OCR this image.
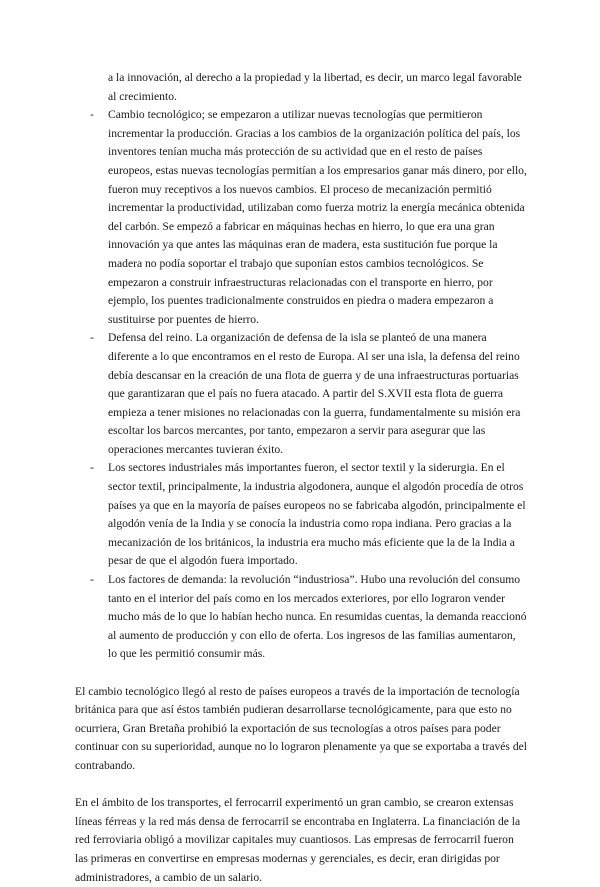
a la innovación, al derecho a la propiedad y la libertad, es decir, un marco legal favorable al crecimiento.

- Cambio tecnológico; se empezaron a utilizar nuevas tecnologías que permitieron incrementar la producción. Gracias a los cambios de la organización política del país, los inventores tenían mucha más protección de su actividad que en el resto de países europeos, estas nuevas tecnologías permitían a los empresarios ganar más dinero, por ello, fueron muy receptivos a los nuevos cambios. El proceso de mecanización permitió incrementar la productividad, utilizaban como fuerza motriz la energía mecánica obtenida del carbón. Se empezó a fabricar en máquinas hechas en hierro, lo que era una gran innovación ya que antes las máquinas eran de madera, esta sustitución fue porque la madera no podía soportar el trabajo que suponían estos cambios tecnológicos. Se empezaron a construir infraestructuras relacionadas con el transporte en hierro, por ejemplo, los puentes tradicionalmente construidos en piedra o madera empezaron a sustituirse por puentes de hierro.
- Defensa del reino. La organización de defensa de la isla se planteó de una manera diferente a lo que encontramos en el resto de Europa. Al ser una isla, la defensa del reino debía descansar en la creación de una flota de guerra y de una infraestructuras portuarias que garantizaran que el país no fuera atacado. A partir del S.XVII esta flota de guerra empieza a tener misiones no relacionadas con la guerra, fundamentalmente su misión era escoltar los barcos mercantes, por tanto, empezaron a servir para asegurar que las operaciones mercantes tuvieran éxito.
- Los sectores industriales más importantes fueron, el sector textil y la siderurgia. En el sector textil, principalmente, la industria algodonera, aunque el algodón procedía de otros países ya que en la mayoría de países europeos no se fabricaba algodón, principalmente el algodón venía de la India y se conocía la industria como ropa indiana. Pero gracias a la mecanización de los británicos, la industria era mucho más eficiente que la de la India a pesar de que el algodón fuera importado.
- Los factores de demanda: la revolución “industriosa”. Hubo una revolución del consumo tanto en el interior del país como en los mercados exteriores, por ello lograron vender mucho más de lo que lo habían hecho nunca. En resumidas cuentas, la demanda reaccionó al aumento de producción y con ello de oferta. Los ingresos de las familias aumentaron, lo que les permitió consumir más.

El cambio tecnológico llegó al resto de países europeos a través de la importación de tecnología británica para que así éstos también pudieran desarrollarse tecnológicamente, para que esto no ocurriera, Gran Bretaña prohibió la exportación de sus tecnologías a otros países para poder continuar con su superioridad, aunque no lo lograron plenamente ya que se exportaba a través del contrabando.

En el ámbito de los transportes, el ferrocarril experimentó un gran cambio, se crearon extensas líneas férreas y la red más densa de ferrocarril se encontraba en Inglaterra. La financiación de la red ferroviaria obligó a movilizar capitales muy cuantiosos. Las empresas de ferrocarril fueron las primeras en convertirse en empresas modernas y gerenciales, es decir, eran dirigidas por administradores, a cambio de un salario.
